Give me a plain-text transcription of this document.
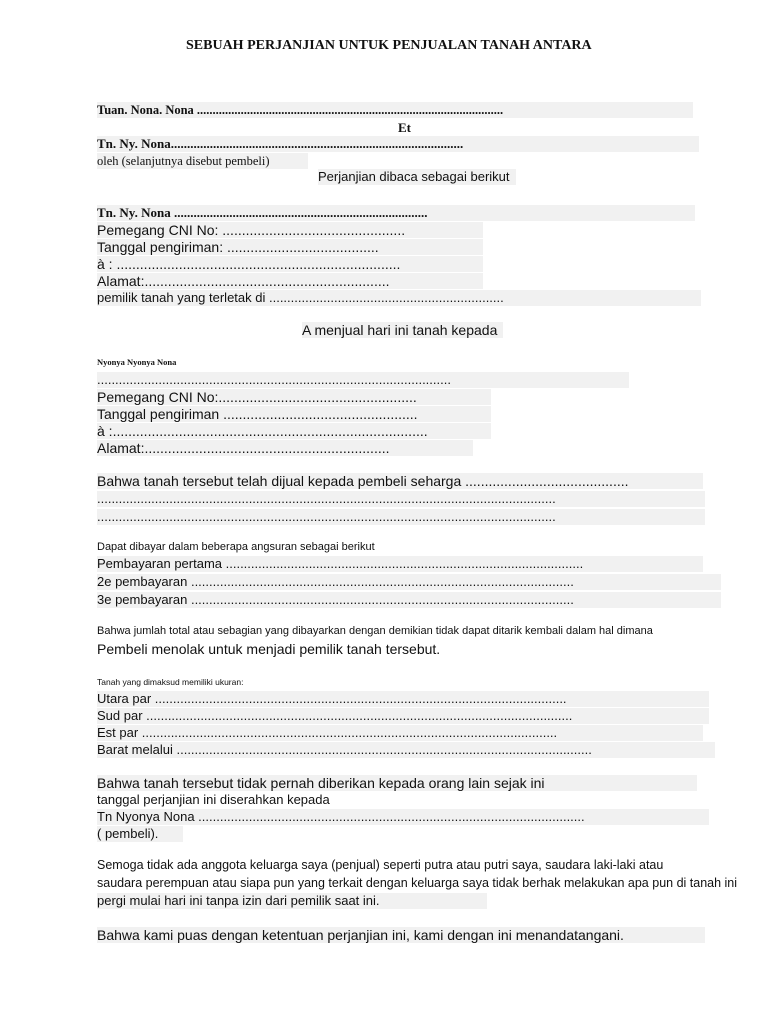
SEBUAH PERJANJIAN UNTUK PENJUALAN TANAH ANTARA
Tuan. Nona. Nona ..................................................................................................
Et
Tn. Ny. Nona..........................................................................................
oleh (selanjutnya disebut pembeli)
Perjanjian dibaca sebagai berikut
Tn. Ny. Nona ..............................................................................
Pemegang CNI No: ...............................................
Tanggal pengiriman: .......................................
à : .........................................................................
Alamat:...............................................................
pemilik tanah yang terletak di .................................................................
A menjual hari ini tanah kepada
Nyonya Nyonya Nona
..................................................................................................
Pemegang CNI No:...................................................
Tanggal pengiriman ..................................................
à :.................................................................................
Alamat:...............................................................
Bahwa tanah tersebut telah dijual kepada pembeli seharga ..........................................
...............................................................................................................................
...............................................................................................................................
Dapat dibayar dalam beberapa angsuran sebagai berikut
Pembayaran pertama ...................................................................................................
2e pembayaran ..........................................................................................................
3e pembayaran ..........................................................................................................
Bahwa jumlah total atau sebagian yang dibayarkan dengan demikian tidak dapat ditarik kembali dalam hal dimana
Pembeli menolak untuk menjadi pemilik tanah tersebut.
Tanah yang dimaksud memiliki ukuran:
Utara par ..................................................................................................................
Sud par ......................................................................................................................
Est par ...................................................................................................................
Barat melalui ...................................................................................................................
Bahwa tanah tersebut tidak pernah diberikan kepada orang lain sejak ini
tanggal perjanjian ini diserahkan kepada
Tn Nyonya Nona ...........................................................................................................
( pembeli).
Semoga tidak ada anggota keluarga saya (penjual) seperti putra atau putri saya, saudara laki-laki atau
saudara perempuan atau siapa pun yang terkait dengan keluarga saya tidak berhak melakukan apa pun di tanah ini
pergi mulai hari ini tanpa izin dari pemilik saat ini.
Bahwa kami puas dengan ketentuan perjanjian ini, kami dengan ini menandatangani.
